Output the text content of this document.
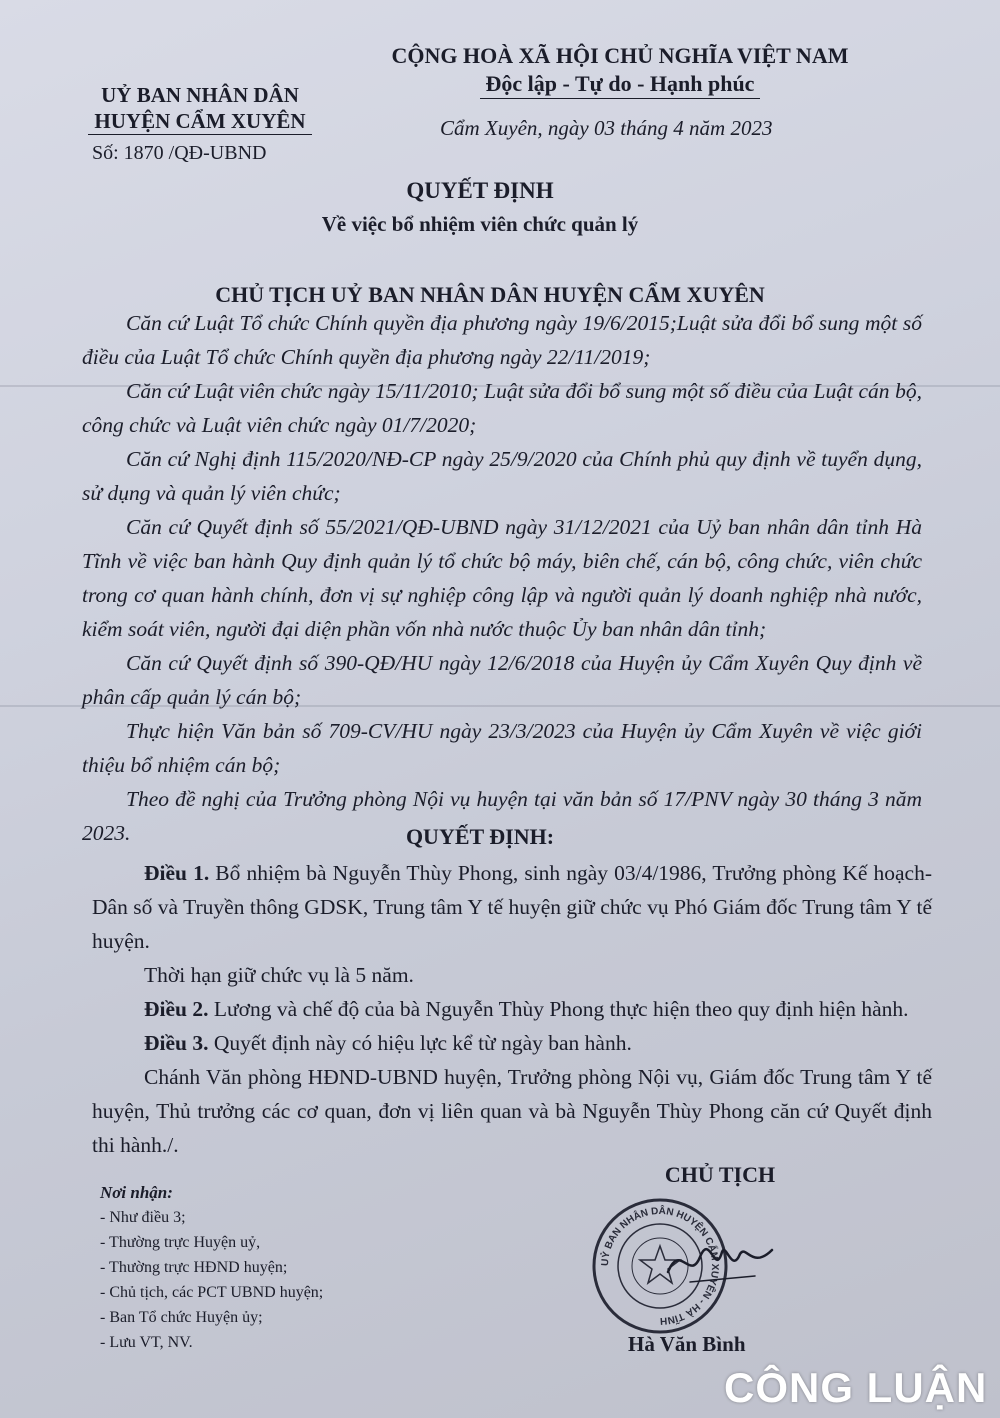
UỶ BAN NHÂN DÂN
HUYỆN CẨM XUYÊN
Số: 1870 /QĐ-UBND
CỘNG HOÀ XÃ HỘI CHỦ NGHĨA VIỆT NAM
Độc lập - Tự do - Hạnh phúc
Cẩm Xuyên, ngày 03 tháng 4 năm 2023
QUYẾT ĐỊNH
Về việc bổ nhiệm viên chức quản lý
CHỦ TỊCH UỶ BAN NHÂN DÂN HUYỆN CẨM XUYÊN

Căn cứ Luật Tổ chức Chính quyền địa phương ngày 19/6/2015;Luật sửa đổi bổ sung một số điều của Luật Tổ chức Chính quyền địa phương ngày 22/11/2019;

Căn cứ Luật viên chức ngày 15/11/2010; Luật sửa đổi bổ sung một số điều của Luật cán bộ, công chức và Luật viên chức ngày 01/7/2020;

Căn cứ Nghị định 115/2020/NĐ-CP ngày 25/9/2020 của Chính phủ quy định về tuyển dụng, sử dụng và quản lý viên chức;

Căn cứ Quyết định số 55/2021/QĐ-UBND ngày 31/12/2021 của Uỷ ban nhân dân tỉnh Hà Tĩnh về việc ban hành Quy định quản lý tổ chức bộ máy, biên chế, cán bộ, công chức, viên chức trong cơ quan hành chính, đơn vị sự nghiệp công lập và người quản lý doanh nghiệp nhà nước, kiểm soát viên, người đại diện phần vốn nhà nước thuộc Ủy ban nhân dân tỉnh;

Căn cứ Quyết định số 390-QĐ/HU ngày 12/6/2018 của Huyện ủy Cẩm Xuyên Quy định về phân cấp quản lý cán bộ;

Thực hiện Văn bản số 709-CV/HU ngày 23/3/2023 của Huyện ủy Cẩm Xuyên về việc giới thiệu bổ nhiệm cán bộ;

Theo đề nghị của Trưởng phòng Nội vụ huyện tại văn bản số 17/PNV ngày 30 tháng 3 năm 2023.	QUYẾT ĐỊNH:

Điều 1. Bổ nhiệm bà Nguyễn Thùy Phong, sinh ngày 03/4/1986, Trưởng phòng Kế hoạch-Dân số và Truyền thông GDSK, Trung tâm Y tế huyện giữ chức vụ Phó Giám đốc Trung tâm Y tế huyện.

Thời hạn giữ chức vụ là 5 năm.

Điều 2. Lương và chế độ của bà Nguyễn Thùy Phong thực hiện theo quy định hiện hành.

Điều 3. Quyết định này có hiệu lực kể từ ngày ban hành.

Chánh Văn phòng HĐND-UBND huyện, Trưởng phòng Nội vụ, Giám đốc Trung tâm Y tế huyện, Thủ trưởng các cơ quan, đơn vị liên quan và bà Nguyễn Thùy Phong căn cứ Quyết định thi hành./.

Nơi nhận:
- Như điều 3;
- Thường trực Huyện uỷ,
- Thường trực HĐND huyện;
- Chủ tịch, các PCT UBND huyện;
- Ban Tổ chức Huyện ủy;
- Lưu VT, NV.
CHỦ TỊCH
UỶ BAN NHÂN DÂN HUYỆN CẨM XUYÊN - HÀ TĨNH
Hà Văn Bình
CÔNG LUẬN
